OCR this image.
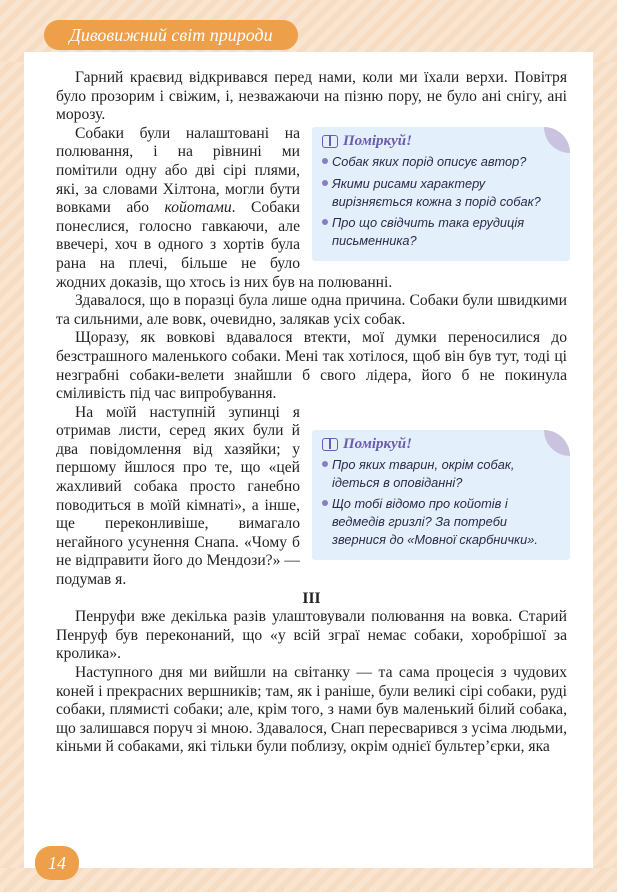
Дивовижний світ природи

Гарний краєвид відкривався перед нами, коли ми їхали верхи. Повітря було прозорим і свіжим, і, незважаючи на пізню пору, не було ані снігу, ані морозу.

Поміркуй!
Собак яких порід описує автор?
Якими рисами характеру вирізняється кожна з порід собак?
Про що свідчить така ерудиція письменника?

Собаки були налаштовані на полювання, і на рівнині ми помітили одну або дві сірі плями, які, за словами Хілтона, могли бути вовками або койотами. Собаки понеслися, голосно гавкаючи, але ввечері, хоч в одного з хортів була рана на плечі, більше не було жодних доказів, що хтось із них був на полюванні.

Здавалося, що в поразці була лише одна причина. Собаки були швидкими та сильними, але вовк, очевидно, залякав усіх собак.

Щоразу, як вовкові вдавалося втекти, мої думки переносилися до безстрашного маленького собаки. Мені так хотілося, щоб він був тут, тоді ці незграбні собаки-велети знайшли б свого лідера, його б не покинула сміливість під час випробування.

Поміркуй!
Про яких тварин, окрім собак, ідеться в оповіданні?
Що тобі відомо про койотів і ведмедів гризлі? За потреби звернися до «Мовної скарбнички».

На моїй наступній зупинці я отримав листи, серед яких були й два повідомлення від хазяйки; у першому йшлося про те, що «цей жахливий собака просто ганебно поводиться в моїй кімнаті», а інше, ще переконливіше, вимагало негайного усунення Снапа. «Чому б не відправити його до Мендози?» — подумав я.

III

Пенруфи вже декілька разів улаштовували полювання на вовка. Старий Пенруф був переконаний, що «у всій зграї немає собаки, хоробрішої за кролика».

Наступного дня ми вийшли на світанку — та сама процесія з чудових коней і прекрасних вершників; там, як і раніше, були великі сірі собаки, руді собаки, плямисті собаки; але, крім того, з нами був маленький білий собака, що залишався поруч зі мною. Здавалося, Снап пересварився з усіма людьми, кіньми й собаками, які тільки були поблизу, окрім однієї бультер’єрки, яка

14
